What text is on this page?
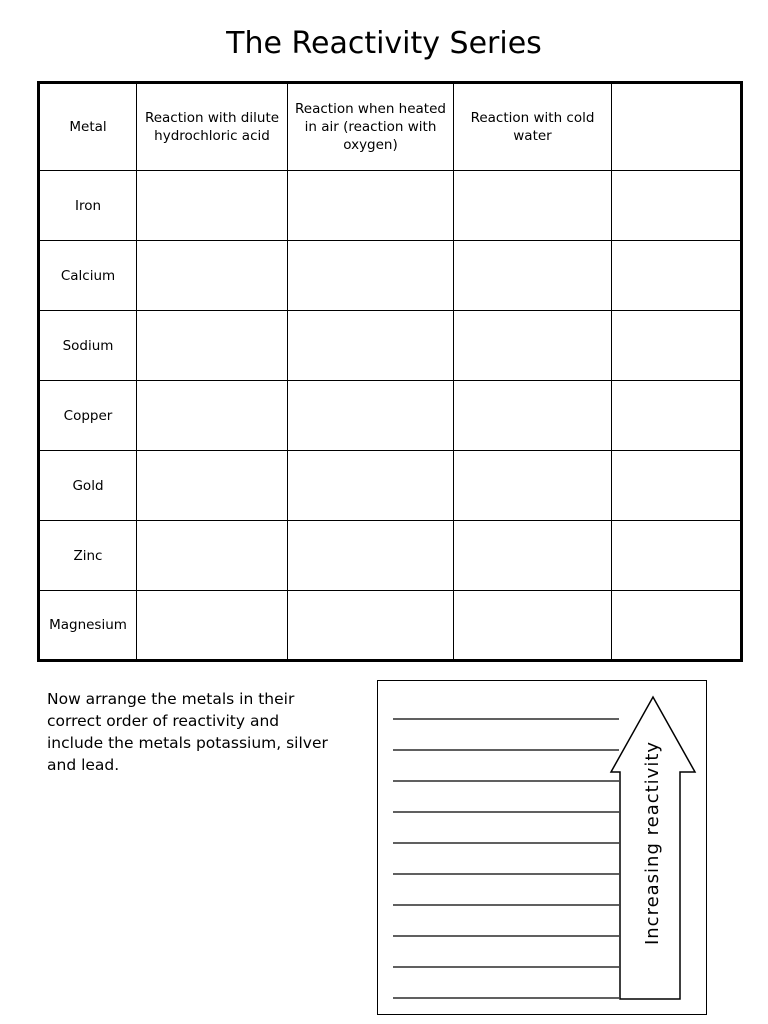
The Reactivity Series
Metal	Reaction with dilute hydrochloric acid	Reaction when heated in air (reaction with oxygen)	Reaction with cold water	
Iron				
Calcium				
Sodium				
Copper				
Gold				
Zinc				
Magnesium				
Now arrange the metals in their correct order of reactivity and include the metals potassium, silver and lead.	Increasing reactivity
